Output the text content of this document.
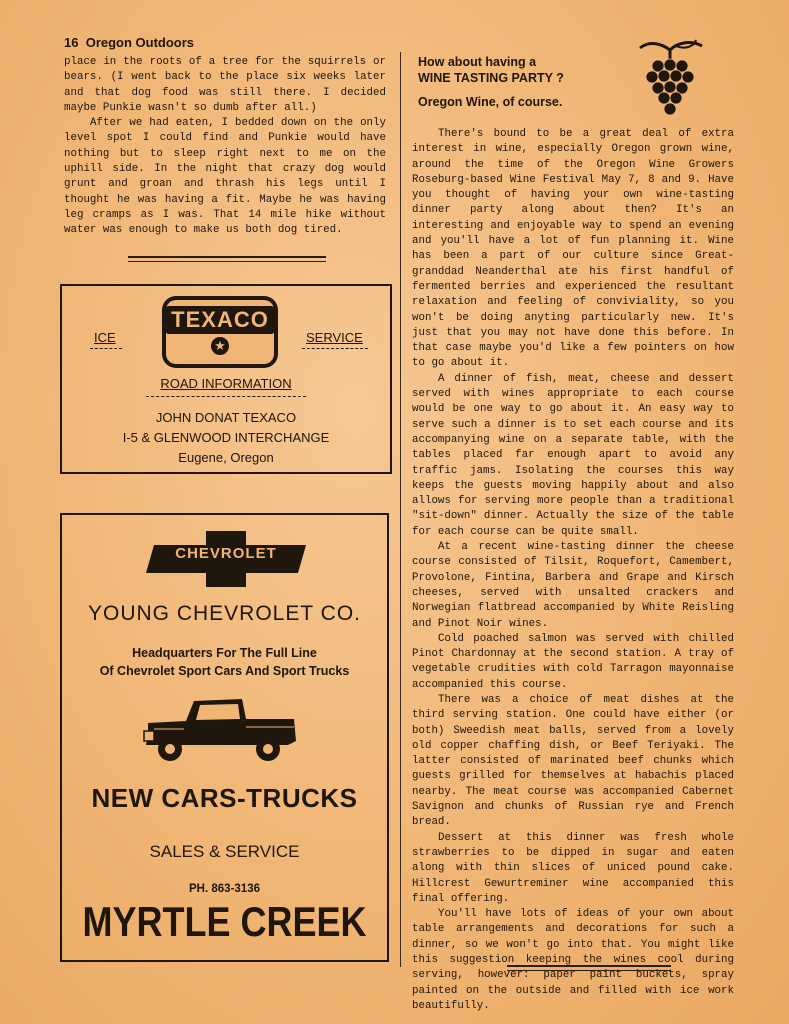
16 Oregon Outdoors

place in the roots of a tree for the squirrels or bears. (I went back to the place six weeks later and that dog food was still there. I decided maybe Punkie wasn't so dumb after all.)

After we had eaten, I bedded down on the only level spot I could find and Punkie would have nothing but to sleep right next to me on the uphill side. In the night that crazy dog would grunt and groan and thrash his legs until I thought he was having a fit. Maybe he was having leg cramps as I was. That 14 mile hike without water was enough to make us both dog tired.

TEXACO
★
ICE	SERVICE
ROAD INFORMATION
JOHN DONAT TEXACO
I-5 & GLENWOOD INTERCHANGE
Eugene, Oregon
CHEVROLET
YOUNG CHEVROLET CO.
Headquarters For The Full Line
Of Chevrolet Sport Cars And Sport Trucks
NEW CARS-TRUCKS
SALES & SERVICE
PH. 863-3136
MYRTLE CREEK
How about having a
WINE TASTING PARTY ?
Oregon Wine, of course.

There's bound to be a great deal of extra interest in wine, especially Oregon grown wine, around the time of the Oregon Wine Growers Roseburg-based Wine Festival May 7, 8 and 9. Have you thought of having your own wine-tasting dinner party along about then? It's an interesting and enjoyable way to spend an evening and you'll have a lot of fun planning it. Wine has been a part of our culture since Great-granddad Neanderthal ate his first handful of fermented berries and experienced the resultant relaxation and feeling of conviviality, so you won't be doing anyting particularly new. It's just that you may not have done this before. In that case maybe you'd like a few pointers on how to go about it.

A dinner of fish, meat, cheese and dessert served with wines appropriate to each course would be one way to go about it. An easy way to serve such a dinner is to set each course and its accompanying wine on a separate table, with the tables placed far enough apart to avoid any traffic jams. Isolating the courses this way keeps the guests moving happily about and also allows for serving more people than a traditional "sit-down" dinner. Actually the size of the table for each course can be quite small.

At a recent wine-tasting dinner the cheese course consisted of Tilsit, Roquefort, Camembert, Provolone, Fintina, Barbera and Grape and Kirsch cheeses, served with unsalted crackers and Norwegian flatbread accompanied by White Reisling and Pinot Noir wines.

Cold poached salmon was served with chilled Pinot Chardonnay at the second station. A tray of vegetable crudities with cold Tarragon mayonnaise accompanied this course.

There was a choice of meat dishes at the third serving station. One could have either (or both) Sweedish meat balls, served from a lovely old copper chaffing dish, or Beef Teriyaki. The latter consisted of marinated beef chunks which guests grilled for themselves at habachis placed nearby. The meat course was accompanied Cabernet Savignon and chunks of Russian rye and French bread.

Dessert at this dinner was fresh whole strawberries to be dipped in sugar and eaten along with thin slices of uniced pound cake. Hillcrest Gewurtreminer wine accompanied this final offering.

You'll have lots of ideas of your own about table arrangements and decorations for such a dinner, so we won't go into that. You might like this suggestion keeping the wines cool during serving, however: paper paint buckets, spray painted on the outside and filled with ice work beautifully.
